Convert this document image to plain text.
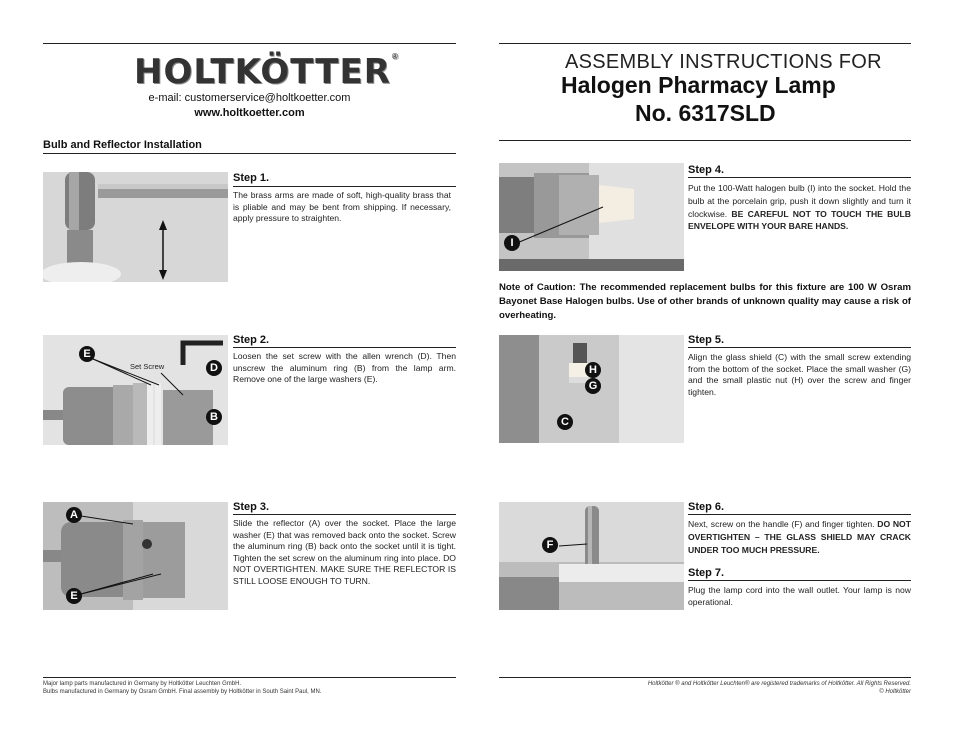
HOLTKÖTTER®
e-mail: customerservice@holtkoetter.com
www.holtkoetter.com
Bulb and Reflector Installation
ASSEMBLY INSTRUCTIONS FOR
Halogen Pharmacy Lamp
No. 6317SLD
Step 1.
The brass arms are made of soft, high-quality brass that is pliable and may be bent from shipping. If necessary, apply pressure to straighten.
E
D
B
Set Screw
Step 2.
Loosen the set screw with the allen wrench (D). Then unscrew the aluminum ring (B) from the lamp arm. Remove one of the large washers (E).
A
E
Step 3.
Slide the reflector (A) over the socket. Place the large washer (E) that was removed back onto the socket. Screw the aluminum ring (B) back onto the socket until it is tight. Tighten the set screw on the aluminum ring into place. DO NOT OVERTIGHTEN. MAKE SURE THE REFLECTOR IS STILL LOOSE ENOUGH TO TURN.
I
Step 4.
Put the 100-Watt halogen bulb (I) into the socket. Hold the bulb at the porcelain grip, push it down slightly and turn it clockwise. BE CAREFUL NOT TO TOUCH THE BULB ENVELOPE WITH YOUR BARE HANDS.
Note of Caution: The recommended replacement bulbs for this fixture are 100 W Osram Bayonet Base Halogen bulbs. Use of other brands of unknown quality may cause a risk of overheating.
H
G
C
Step 5.
Align the glass shield (C) with the small screw extending from the bottom of the socket. Place the small washer (G) and the small plastic nut (H) over the screw and finger tighten.
F
Step 6.
Next, screw on the handle (F) and finger tighten. DO NOT OVERTIGHTEN – THE GLASS SHIELD MAY CRACK UNDER TOO MUCH PRESSURE.
Step 7.
Plug the lamp cord into the wall outlet. Your lamp is now operational.
Major lamp parts manufactured in Germany by Holtkötter Leuchten GmbH.
Bulbs manufactured in Germany by Osram GmbH. Final assembly by Holtkötter in South Saint Paul, MN.
Holtkötter ® and Holtkötter Leuchten® are registered trademarks of Holtkötter. All Rights Reserved.
© Holtkötter
